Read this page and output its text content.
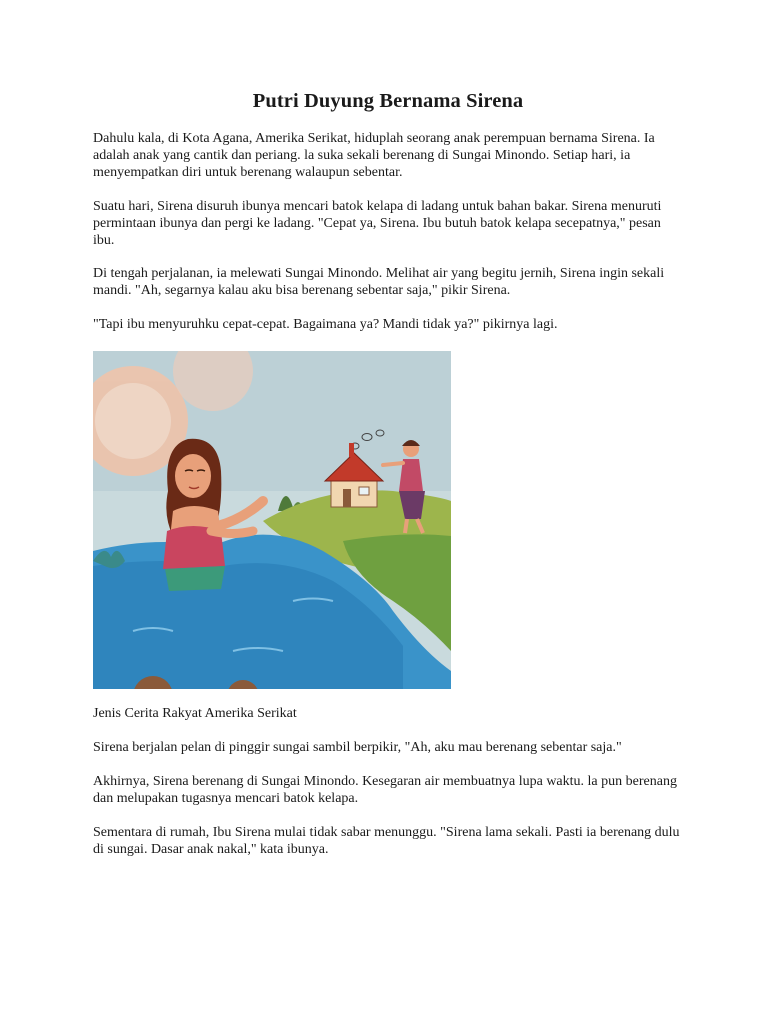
Putri Duyung Bernama Sirena

Dahulu kala, di Kota Agana, Amerika Serikat, hiduplah seorang anak perempuan bernama Sirena. Ia adalah anak yang cantik dan periang. la suka sekali berenang di Sungai Minondo. Setiap hari, ia menyempatkan diri untuk berenang walaupun sebentar.

Suatu hari, Sirena disuruh ibunya mencari batok kelapa di ladang untuk bahan bakar. Sirena menuruti permintaan ibunya dan pergi ke ladang. "Cepat ya, Sirena. Ibu butuh batok kelapa secepatnya," pesan ibu.

Di tengah perjalanan, ia melewati Sungai Minondo. Melihat air yang begitu jernih, Sirena ingin sekali mandi. "Ah, segarnya kalau aku bisa berenang sebentar saja," pikir Sirena.

"Tapi ibu menyuruhku cepat-cepat. Bagaimana ya? Mandi tidak ya?" pikirnya lagi.

Jenis Cerita Rakyat Amerika Serikat

Sirena berjalan pelan di pinggir sungai sambil berpikir, "Ah, aku mau berenang sebentar saja."

Akhirnya, Sirena berenang di Sungai Minondo. Kesegaran air membuatnya lupa waktu. la pun berenang dan melupakan tugasnya mencari batok kelapa.

Sementara di rumah, Ibu Sirena mulai tidak sabar menunggu. "Sirena lama sekali. Pasti ia berenang dulu di sungai. Dasar anak nakal," kata ibunya.
